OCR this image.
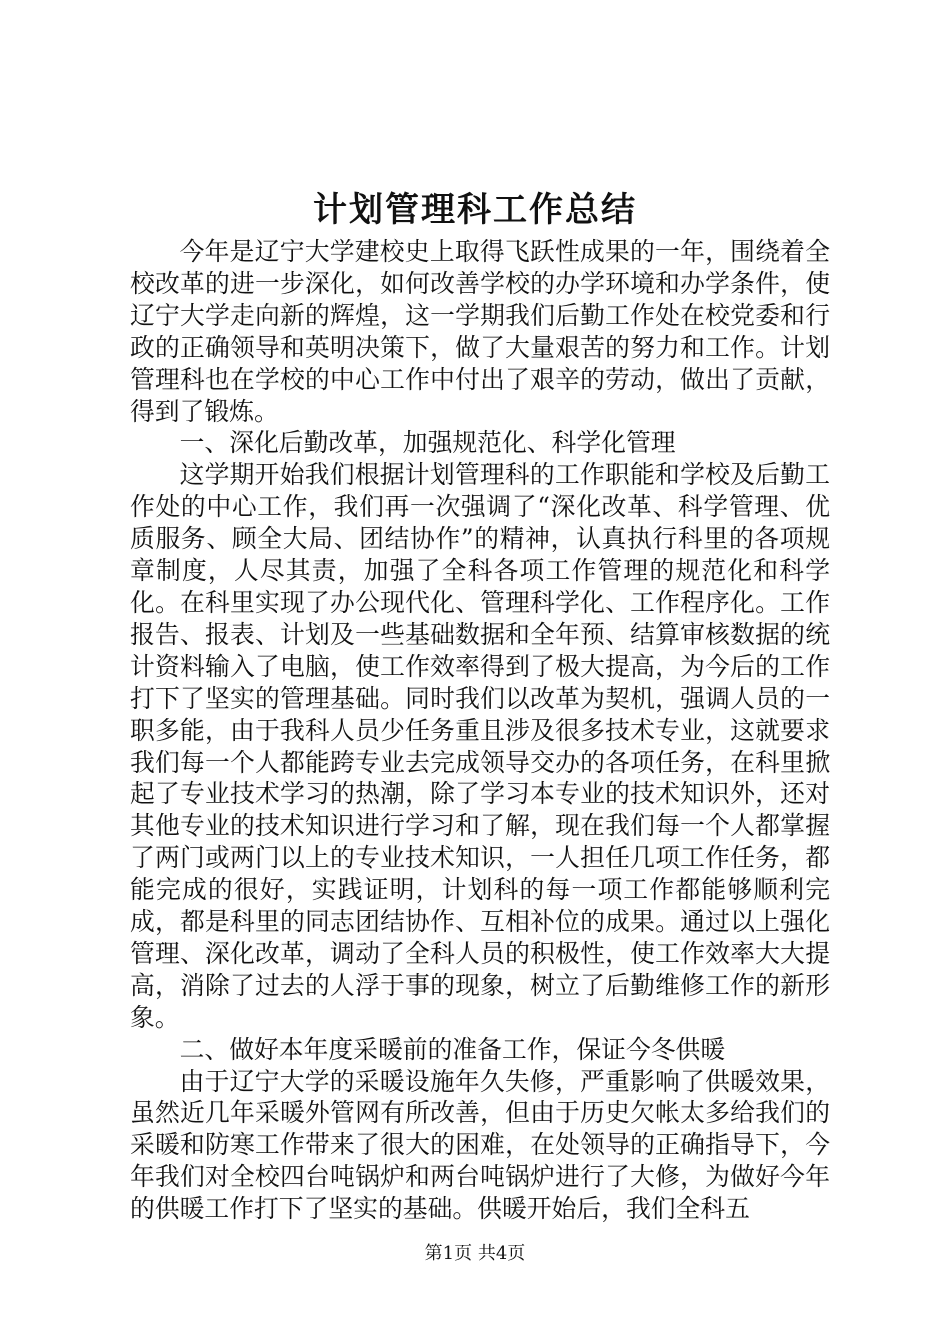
计划管理科工作总结

今年是辽宁大学建校史上取得飞跃性成果的一年，围绕着全校改革的进一步深化，如何改善学校的办学环境和办学条件，使辽宁大学走向新的辉煌，这一学期我们后勤工作处在校党委和行政的正确领导和英明决策下，做了大量艰苦的努力和工作。计划管理科也在学校的中心工作中付出了艰辛的劳动，做出了贡献，得到了锻炼。

一、深化后勤改革，加强规范化、科学化管理

这学期开始我们根据计划管理科的工作职能和学校及后勤工作处的中心工作，我们再一次强调了“深化改革、科学管理、优质服务、顾全大局、团结协作”的精神，认真执行科里的各项规章制度，人尽其责，加强了全科各项工作管理的规范化和科学化。在科里实现了办公现代化、管理科学化、工作程序化。工作报告、报表、计划及一些基础数据和全年预、结算审核数据的统计资料输入了电脑，使工作效率得到了极大提高，为今后的工作打下了坚实的管理基础。同时我们以改革为契机，强调人员的一职多能，由于我科人员少任务重且涉及很多技术专业，这就要求我们每一个人都能跨专业去完成领导交办的各项任务，在科里掀起了专业技术学习的热潮，除了学习本专业的技术知识外，还对其他专业的技术知识进行学习和了解，现在我们每一个人都掌握了两门或两门以上的专业技术知识，一人担任几项工作任务，都能完成的很好，实践证明，计划科的每一项工作都能够顺利完成，都是科里的同志团结协作、互相补位的成果。通过以上强化管理、深化改革，调动了全科人员的积极性，使工作效率大大提高，消除了过去的人浮于事的现象，树立了后勤维修工作的新形象。

二、做好本年度采暖前的准备工作，保证今冬供暖

由于辽宁大学的采暖设施年久失修，严重影响了供暖效果，虽然近几年采暖外管网有所改善，但由于历史欠帐太多给我们的采暖和防寒工作带来了很大的困难，在处领导的正确指导下，今年我们对全校四台吨锅炉和两台吨锅炉进行了大修，为做好今年的供暖工作打下了坚实的基础。供暖开始后，我们全科五

第1页 共4页
